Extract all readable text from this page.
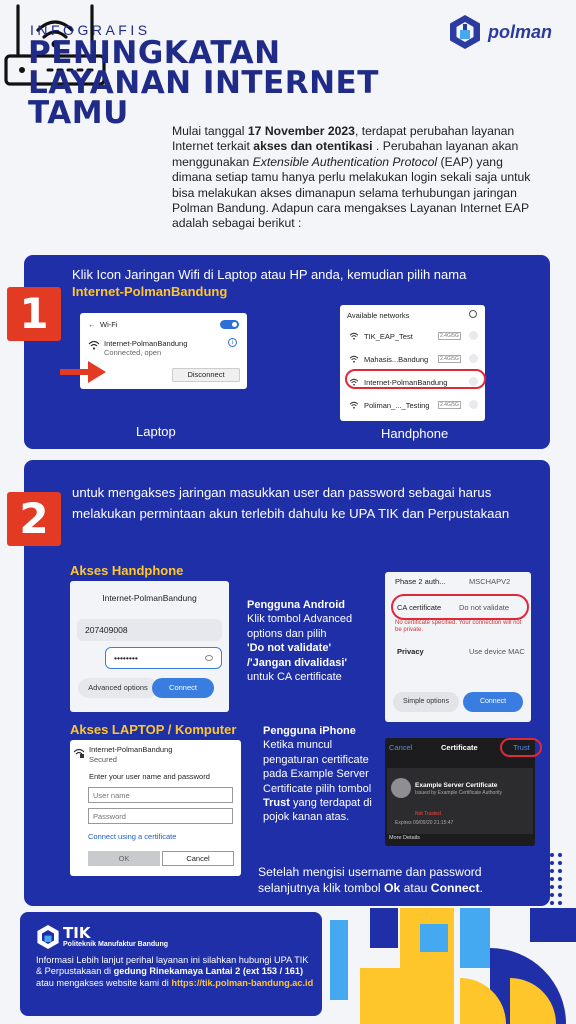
INFOGRAFIS
PENINGKATAN
LAYANAN INTERNET
TAMU
polman
Mulai tanggal 17 November 2023, terdapat perubahan layanan Internet terkait akses dan otentikasi . Perubahan layanan akan menggunakan Extensible Authentication Protocol (EAP) yang dimana setiap tamu hanya perlu melakukan login sekali saja untuk bisa melakukan akses dimanapun selama terhubungan jaringan Polman Bandung. Adapun cara mengakses Layanan Internet EAP adalah sebagai berikut :
1
Klik Icon Jaringan Wifi di Laptop atau HP anda, kemudian pilih nama Internet-PolmanBandung
← Wi-Fi
Internet-PolmanBandung
Connected, open
i
Disconnect
Available networks
TIK_EAP_Test	2.4G/5G
Mahasis...Bandung	2.4G/5G
Internet-PolmanBandung
Poliman_..._Testing	2.4G/5G
Laptop	Handphone
2
untuk mengakses jaringan masukkan user dan password sebagai harus melakukan permintaan akun terlebih dahulu ke UPA TIK dan Perpustakaan
Akses Handphone
Internet-PolmanBandung
207409008
••••••••
Advanced options	Connect
Pengguna Android
Klik tombol Advanced options dan pilih
'Do not validate' /'Jangan divalidasi'
untuk CA certificate
Phase 2 auth...	MSCHAPV2
CA certificate Do not validate
No certificate specified. Your connection will not be private.
Privacy	Use device MAC
Simple options	Connect
Akses LAPTOP / Komputer
Internet-PolmanBandung
Secured
Enter your user name and password
User name
Password
Connect using a certificate
OK	Cancel
Pengguna iPhone
Ketika muncul pengaturan certificate pada Example Server Certificate pilih tombol Trust yang terdapat di pojok kanan atas.
Cancel	Certificate	Trust
Example Server Certificate
Issued by Example Certificate Authority
Not Trusted
Expires 09/09/20 21:15:47
More Details
Setelah mengisi username dan password selanjutnya klik tombol Ok atau Connect.
TIK
Politeknik Manufaktur Bandung
Informasi Lebih lanjut perihal layanan ini silahkan hubungi UPA TIK & Perpustakaan di gedung Rinekamaya Lantai 2 (ext 153 / 161) atau mengakses website kami di https://tik.polman-bandung.ac.id
